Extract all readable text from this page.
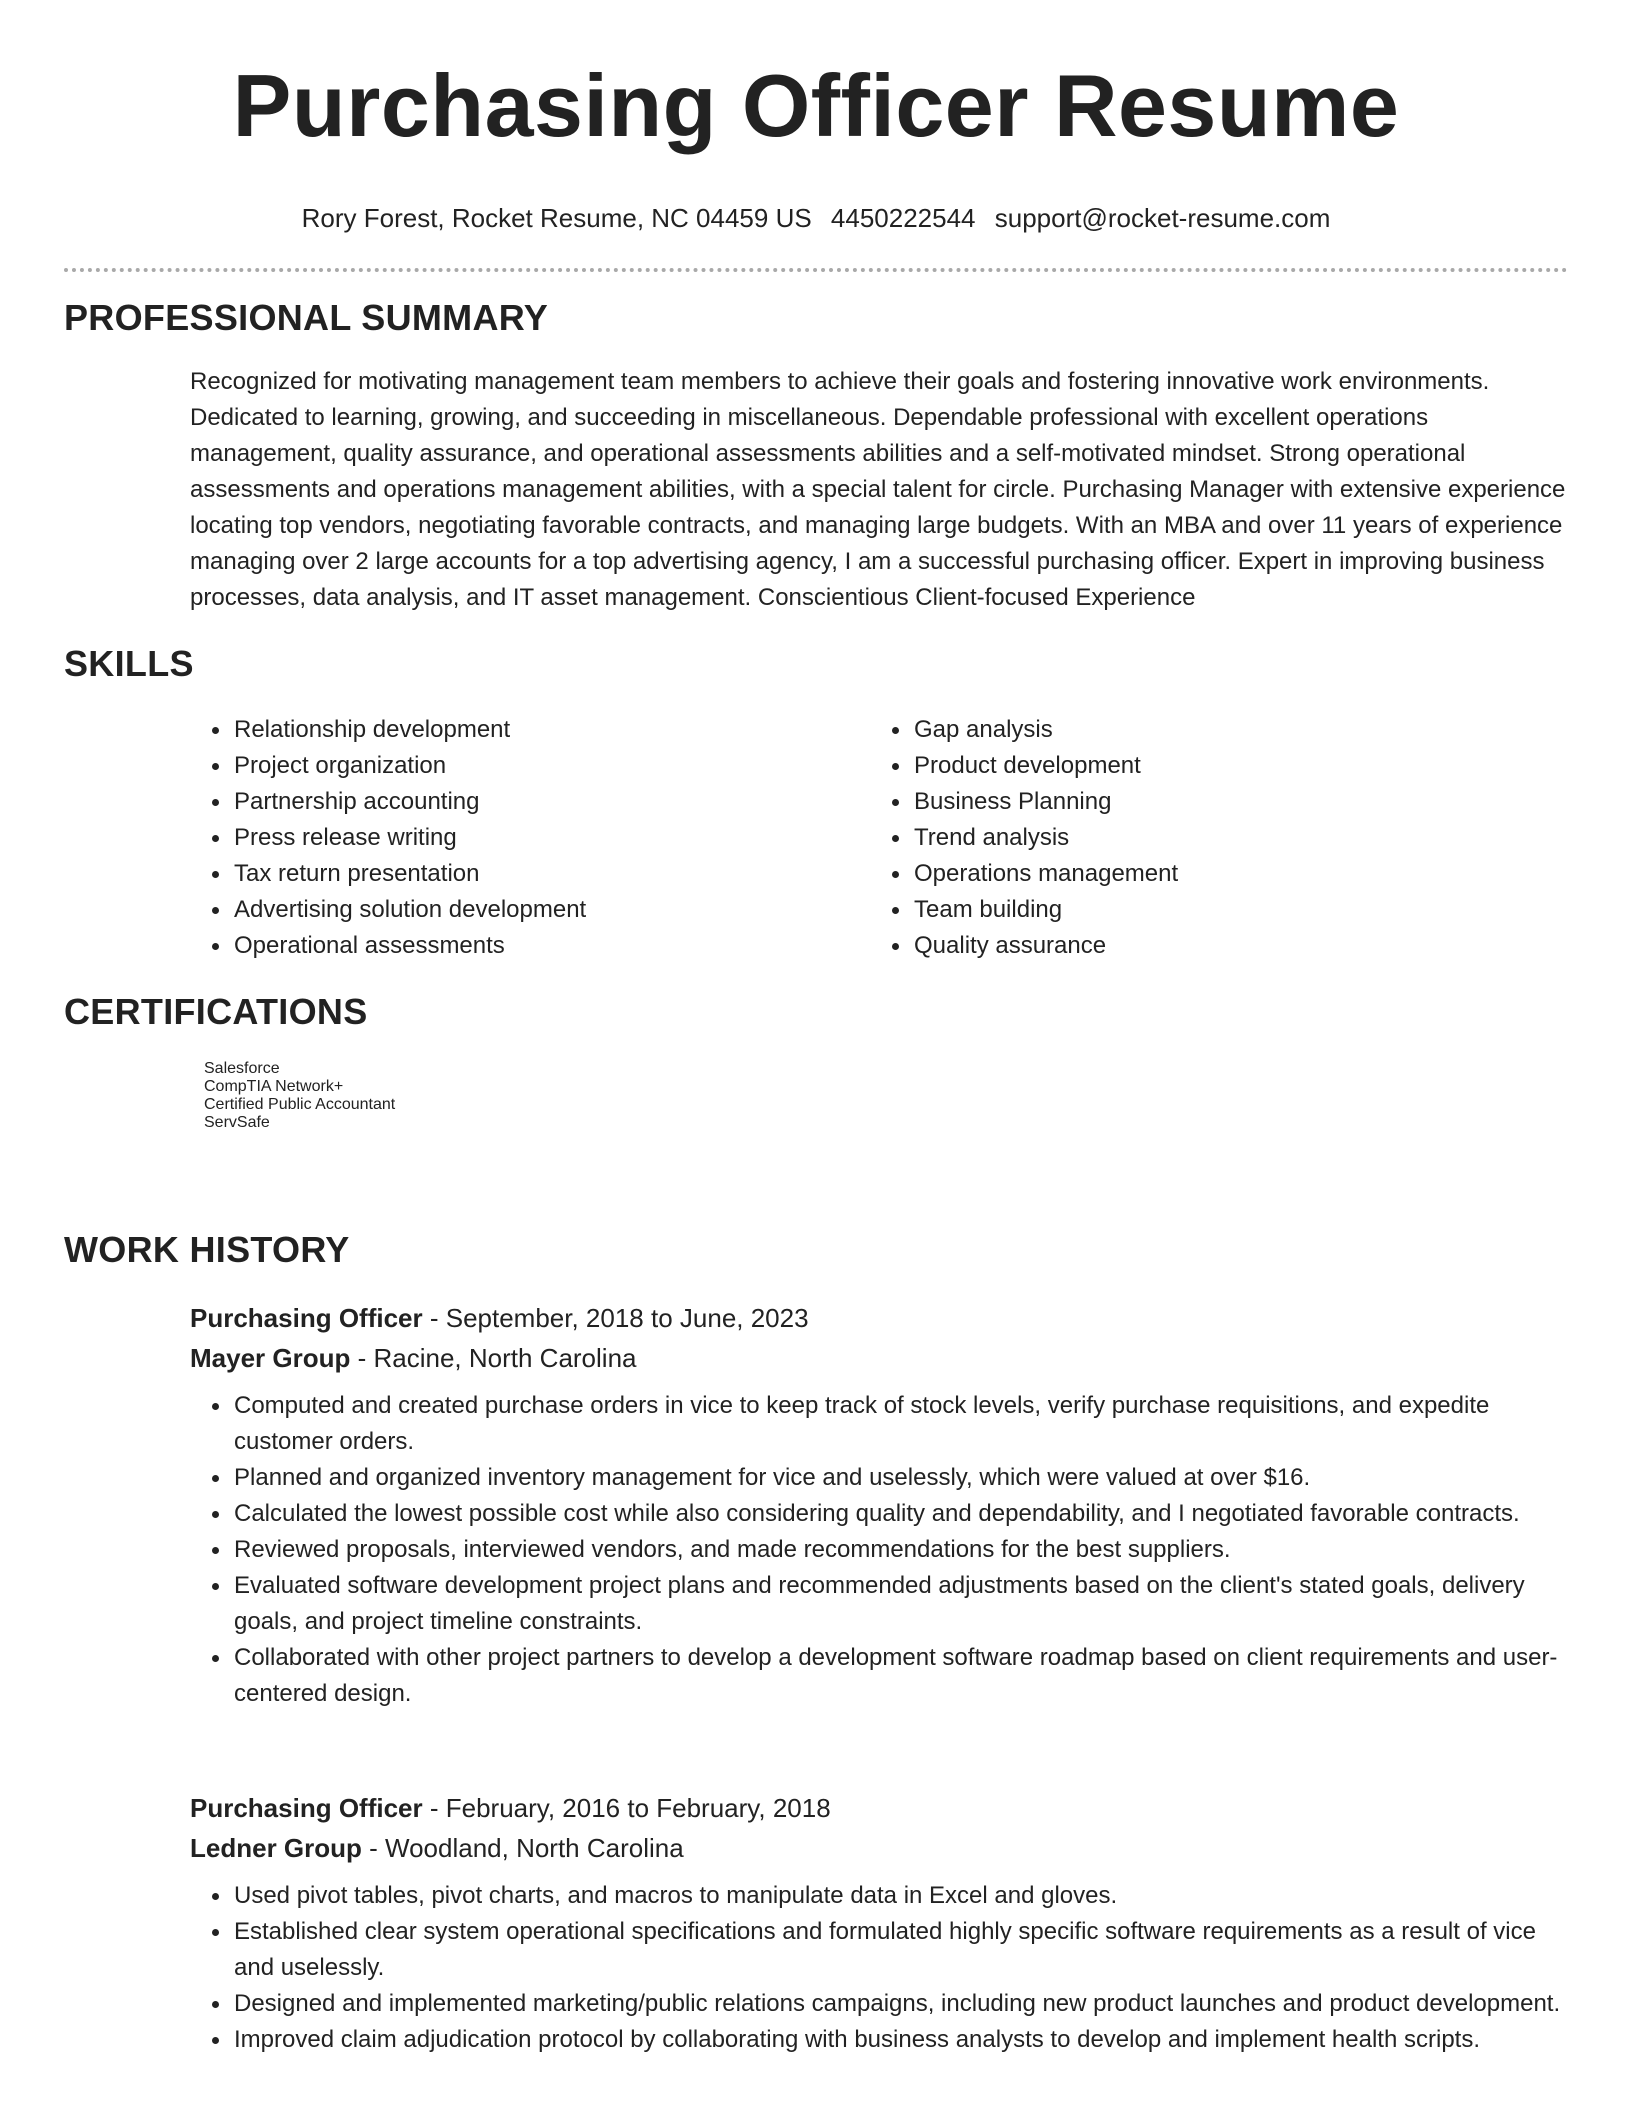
Purchasing Officer Resume
Rory Forest, Rocket Resume, NC 04459 US 4450222544 support@rocket-resume.com
PROFESSIONAL SUMMARY
Recognized for motivating management team members to achieve their goals and fostering innovative work environments. Dedicated to learning, growing, and succeeding in miscellaneous. Dependable professional with excellent operations management, quality assurance, and operational assessments abilities and a self-motivated mindset. Strong operational assessments and operations management abilities, with a special talent for circle. Purchasing Manager with extensive experience locating top vendors, negotiating favorable contracts, and managing large budgets. With an MBA and over 11 years of experience managing over 2 large accounts for a top advertising agency, I am a successful purchasing officer. Expert in improving business processes, data analysis, and IT asset management. Conscientious Client-focused Experience
SKILLS
Relationship development
Project organization
Partnership accounting
Press release writing
Tax return presentation
Advertising solution development
Operational assessments
Gap analysis
Product development
Business Planning
Trend analysis
Operations management
Team building
Quality assurance
CERTIFICATIONS
Salesforce
CompTIA Network+
Certified Public Accountant
ServSafe
WORK HISTORY
Purchasing Officer - September, 2018 to June, 2023
Mayer Group - Racine, North Carolina
Computed and created purchase orders in vice to keep track of stock levels, verify purchase requisitions, and expedite customer orders.
Planned and organized inventory management for vice and uselessly, which were valued at over $16.
Calculated the lowest possible cost while also considering quality and dependability, and I negotiated favorable contracts.
Reviewed proposals, interviewed vendors, and made recommendations for the best suppliers.
Evaluated software development project plans and recommended adjustments based on the client's stated goals, delivery goals, and project timeline constraints.
Collaborated with other project partners to develop a development software roadmap based on client requirements and user-centered design.
Purchasing Officer - February, 2016 to February, 2018
Ledner Group - Woodland, North Carolina
Used pivot tables, pivot charts, and macros to manipulate data in Excel and gloves.
Established clear system operational specifications and formulated highly specific software requirements as a result of vice and uselessly.
Designed and implemented marketing/public relations campaigns, including new product launches and product development.
Improved claim adjudication protocol by collaborating with business analysts to develop and implement health scripts.
